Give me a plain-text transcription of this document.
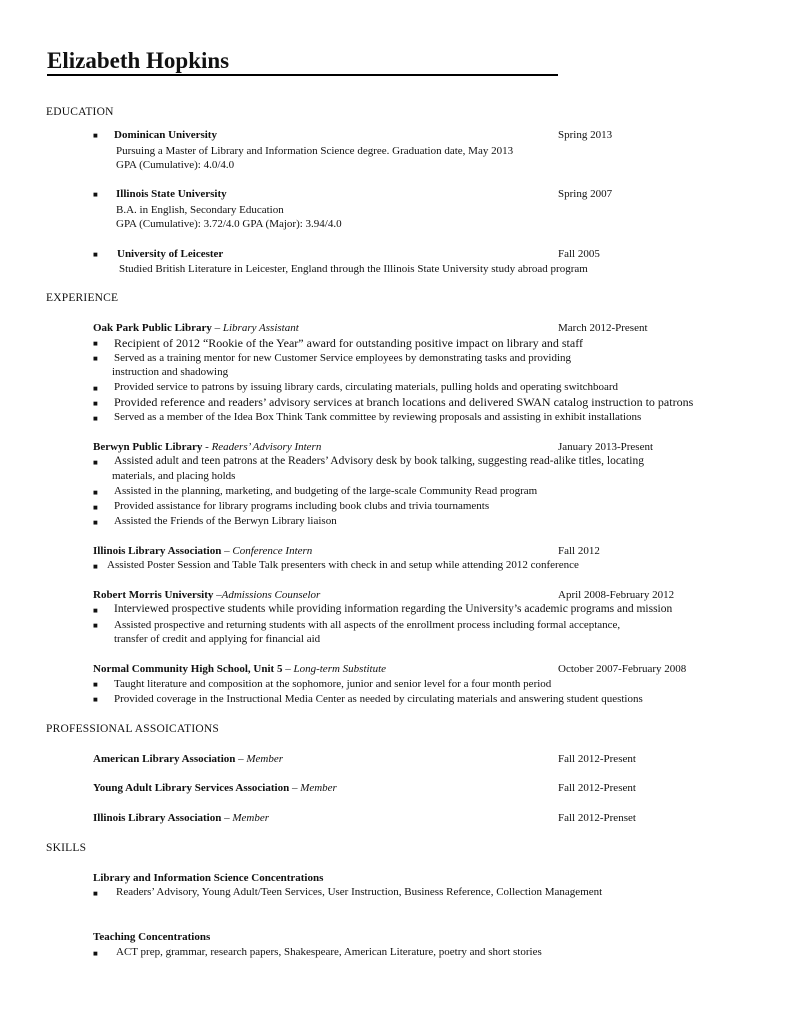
Elizabeth Hopkins
EDUCATION
■ Dominican University	Spring 2013
Pursuing a Master of Library and Information Science degree. Graduation date, May 2013
GPA (Cumulative): 4.0/4.0
■ Illinois State University	Spring 2007
B.A. in English, Secondary Education
GPA (Cumulative): 3.72/4.0 GPA (Major): 3.94/4.0
■ University of Leicester	Fall 2005
Studied British Literature in Leicester, England through the Illinois State University study abroad program
EXPERIENCE
Oak Park Public Library – Library Assistant	March 2012-Present
■ Recipient of 2012 “Rookie of the Year” award for outstanding positive impact on library and staff
■ Served as a training mentor for new Customer Service employees by demonstrating tasks and providing
instruction and shadowing
■ Provided service to patrons by issuing library cards, circulating materials, pulling holds and operating switchboard
■ Provided reference and readers’ advisory services at branch locations and delivered SWAN catalog instruction to patrons
■ Served as a member of the Idea Box Think Tank committee by reviewing proposals and assisting in exhibit installations
Berwyn Public Library - Readers’ Advisory Intern	January 2013-Present
■ Assisted adult and teen patrons at the Readers’ Advisory desk by book talking, suggesting read-alike titles, locating
materials, and placing holds
■ Assisted in the planning, marketing, and budgeting of the large-scale Community Read program
■ Provided assistance for library programs including book clubs and trivia tournaments
■ Assisted the Friends of the Berwyn Library liaison
Illinois Library Association – Conference Intern	Fall 2012
■ Assisted Poster Session and Table Talk presenters with check in and setup while attending 2012 conference
Robert Morris University –Admissions Counselor	April 2008-February 2012
■ Interviewed prospective students while providing information regarding the University’s academic programs and mission
■ Assisted prospective and returning students with all aspects of the enrollment process including formal acceptance,
transfer of credit and applying for financial aid
Normal Community High School, Unit 5 – Long-term Substitute	October 2007-February 2008
■ Taught literature and composition at the sophomore, junior and senior level for a four month period
■ Provided coverage in the Instructional Media Center as needed by circulating materials and answering student questions
PROFESSIONAL ASSOICATIONS
American Library Association – Member	Fall 2012-Present
Young Adult Library Services Association – Member	Fall 2012-Present
Illinois Library Association – Member	Fall 2012-Prenset
SKILLS
Library and Information Science Concentrations
■ Readers’ Advisory, Young Adult/Teen Services, User Instruction, Business Reference, Collection Management
Teaching Concentrations
■ ACT prep, grammar, research papers, Shakespeare, American Literature, poetry and short stories
